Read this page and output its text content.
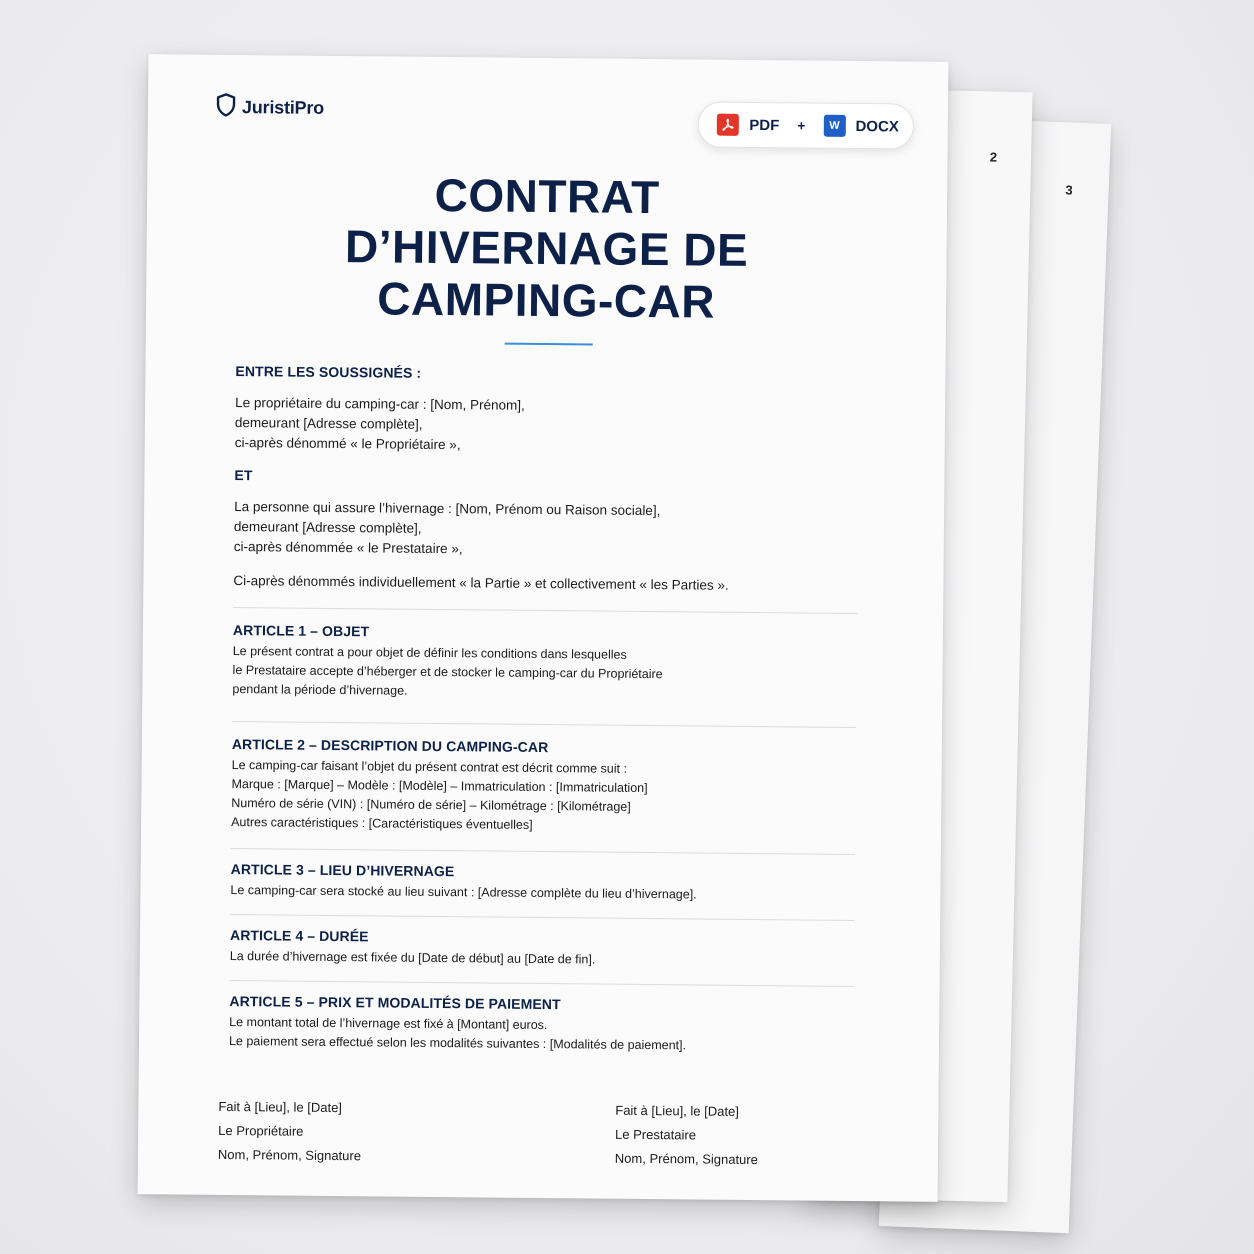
3
2
JuristiPro
PDF +	W	DOCX
CONTRAT
D’HIVERNAGE DE
CAMPING-CAR
ENTRE LES SOUSSIGNÉS :
Le propriétaire du camping-car : [Nom, Prénom],
demeurant [Adresse complète],
ci-après dénommé « le Propriétaire »,
ET
La personne qui assure l’hivernage : [Nom, Prénom ou Raison sociale],
demeurant [Adresse complète],
ci-après dénommée « le Prestataire »,
Ci-après dénommés individuellement « la Partie » et collectivement « les Parties ».
ARTICLE 1 – OBJET
Le présent contrat a pour objet de définir les conditions dans lesquelles
le Prestataire accepte d’héberger et de stocker le camping-car du Propriétaire
pendant la période d’hivernage.
ARTICLE 2 – DESCRIPTION DU CAMPING-CAR
Le camping-car faisant l’objet du présent contrat est décrit comme suit :
Marque : [Marque] – Modèle : [Modèle] – Immatriculation : [Immatriculation]
Numéro de série (VIN) : [Numéro de série] – Kilométrage : [Kilométrage]
Autres caractéristiques : [Caractéristiques éventuelles]
ARTICLE 3 – LIEU D’HIVERNAGE
Le camping-car sera stocké au lieu suivant : [Adresse complète du lieu d’hivernage].
ARTICLE 4 – DURÉE
La durée d’hivernage est fixée du [Date de début] au [Date de fin].
ARTICLE 5 – PRIX ET MODALITÉS DE PAIEMENT
Le montant total de l’hivernage est fixé à [Montant] euros.
Le paiement sera effectué selon les modalités suivantes : [Modalités de paiement].
Fait à [Lieu], le [Date]
Le Propriétaire
Nom, Prénom, Signature
Fait à [Lieu], le [Date]
Le Prestataire
Nom, Prénom, Signature
